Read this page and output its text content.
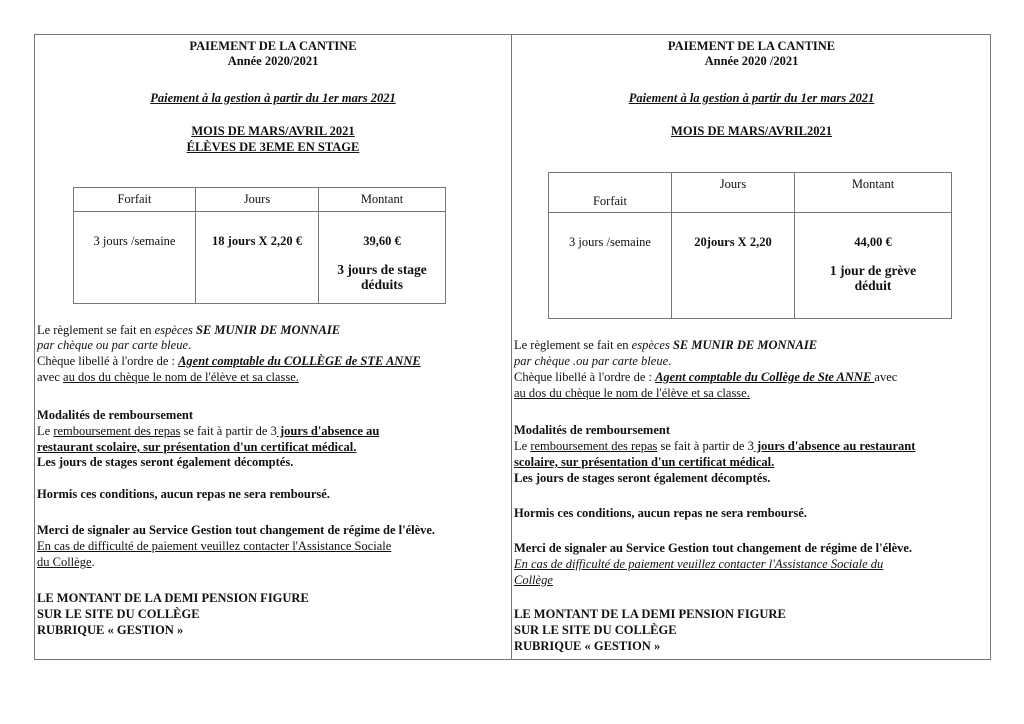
PAIEMENT DE LA CANTINE
Année 2020/2021
Paiement à la gestion à partir du 1er mars 2021
MOIS DE MARS/AVRIL 2021
ÉLÈVES DE 3EME EN STAGE
Forfait	Jours	Montant
3 jours /semaine	18 jours X 2,20 €	39,60 €
3 jours de stage
déduits
Le règlement se fait en espèces SE MUNIR DE MONNAIE
par chèque ou par carte bleue.
Chèque libellé à l'ordre de : Agent comptable du COLLÈGE de STE ANNE
avec au dos du chèque le nom de l'élève et sa classe.
Modalités de remboursement
Le remboursement des repas se fait à partir de 3 jours d'absence au
restaurant scolaire, sur présentation d'un certificat médical.
Les jours de stages seront également décomptés.
Hormis ces conditions, aucun repas ne sera remboursé.
Merci de signaler au Service Gestion tout changement de régime de l'élève.
En cas de difficulté de paiement veuillez contacter l'Assistance Sociale
du Collège.
LE MONTANT DE LA DEMI PENSION FIGURE
SUR LE SITE DU COLLÈGE
RUBRIQUE « GESTION »
PAIEMENT DE LA CANTINE
Année 2020 /2021
Paiement à la gestion à partir du 1er mars 2021
MOIS DE MARS/AVRIL2021
Forfait	Jours	Montant
3 jours /semaine	20jours X 2,20	44,00 €
1 jour de grève
déduit
Le règlement se fait en espèces SE MUNIR DE MONNAIE
par chèque .ou par carte bleue.
Chèque libellé à l'ordre de : Agent comptable du Collège de Ste ANNE avec
au dos du chèque le nom de l'élève et sa classe.
Modalités de remboursement
Le remboursement des repas se fait à partir de 3 jours d'absence au restaurant
scolaire, sur présentation d'un certificat médical.
Les jours de stages seront également décomptés.
Hormis ces conditions, aucun repas ne sera remboursé.
Merci de signaler au Service Gestion tout changement de régime de l'élève.
En cas de difficulté de paiement veuillez contacter l'Assistance Sociale du
Collège
LE MONTANT DE LA DEMI PENSION FIGURE
SUR LE SITE DU COLLÈGE
RUBRIQUE « GESTION »
